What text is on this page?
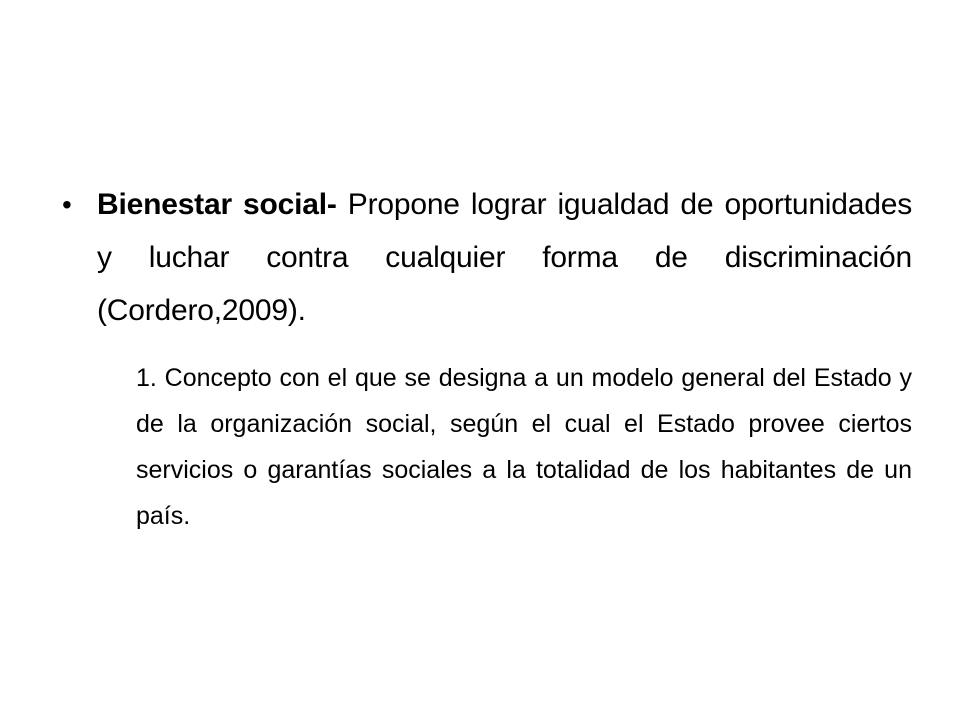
• Bienestar social- Propone lograr igualdad de oportunidades y luchar contra cualquier forma de discriminación (Cordero,2009).
1. Concepto con el que se designa a un modelo general del Estado y de la organización social, según el cual el Estado provee ciertos servicios o garantías sociales a la totalidad de los habitantes de un país.
